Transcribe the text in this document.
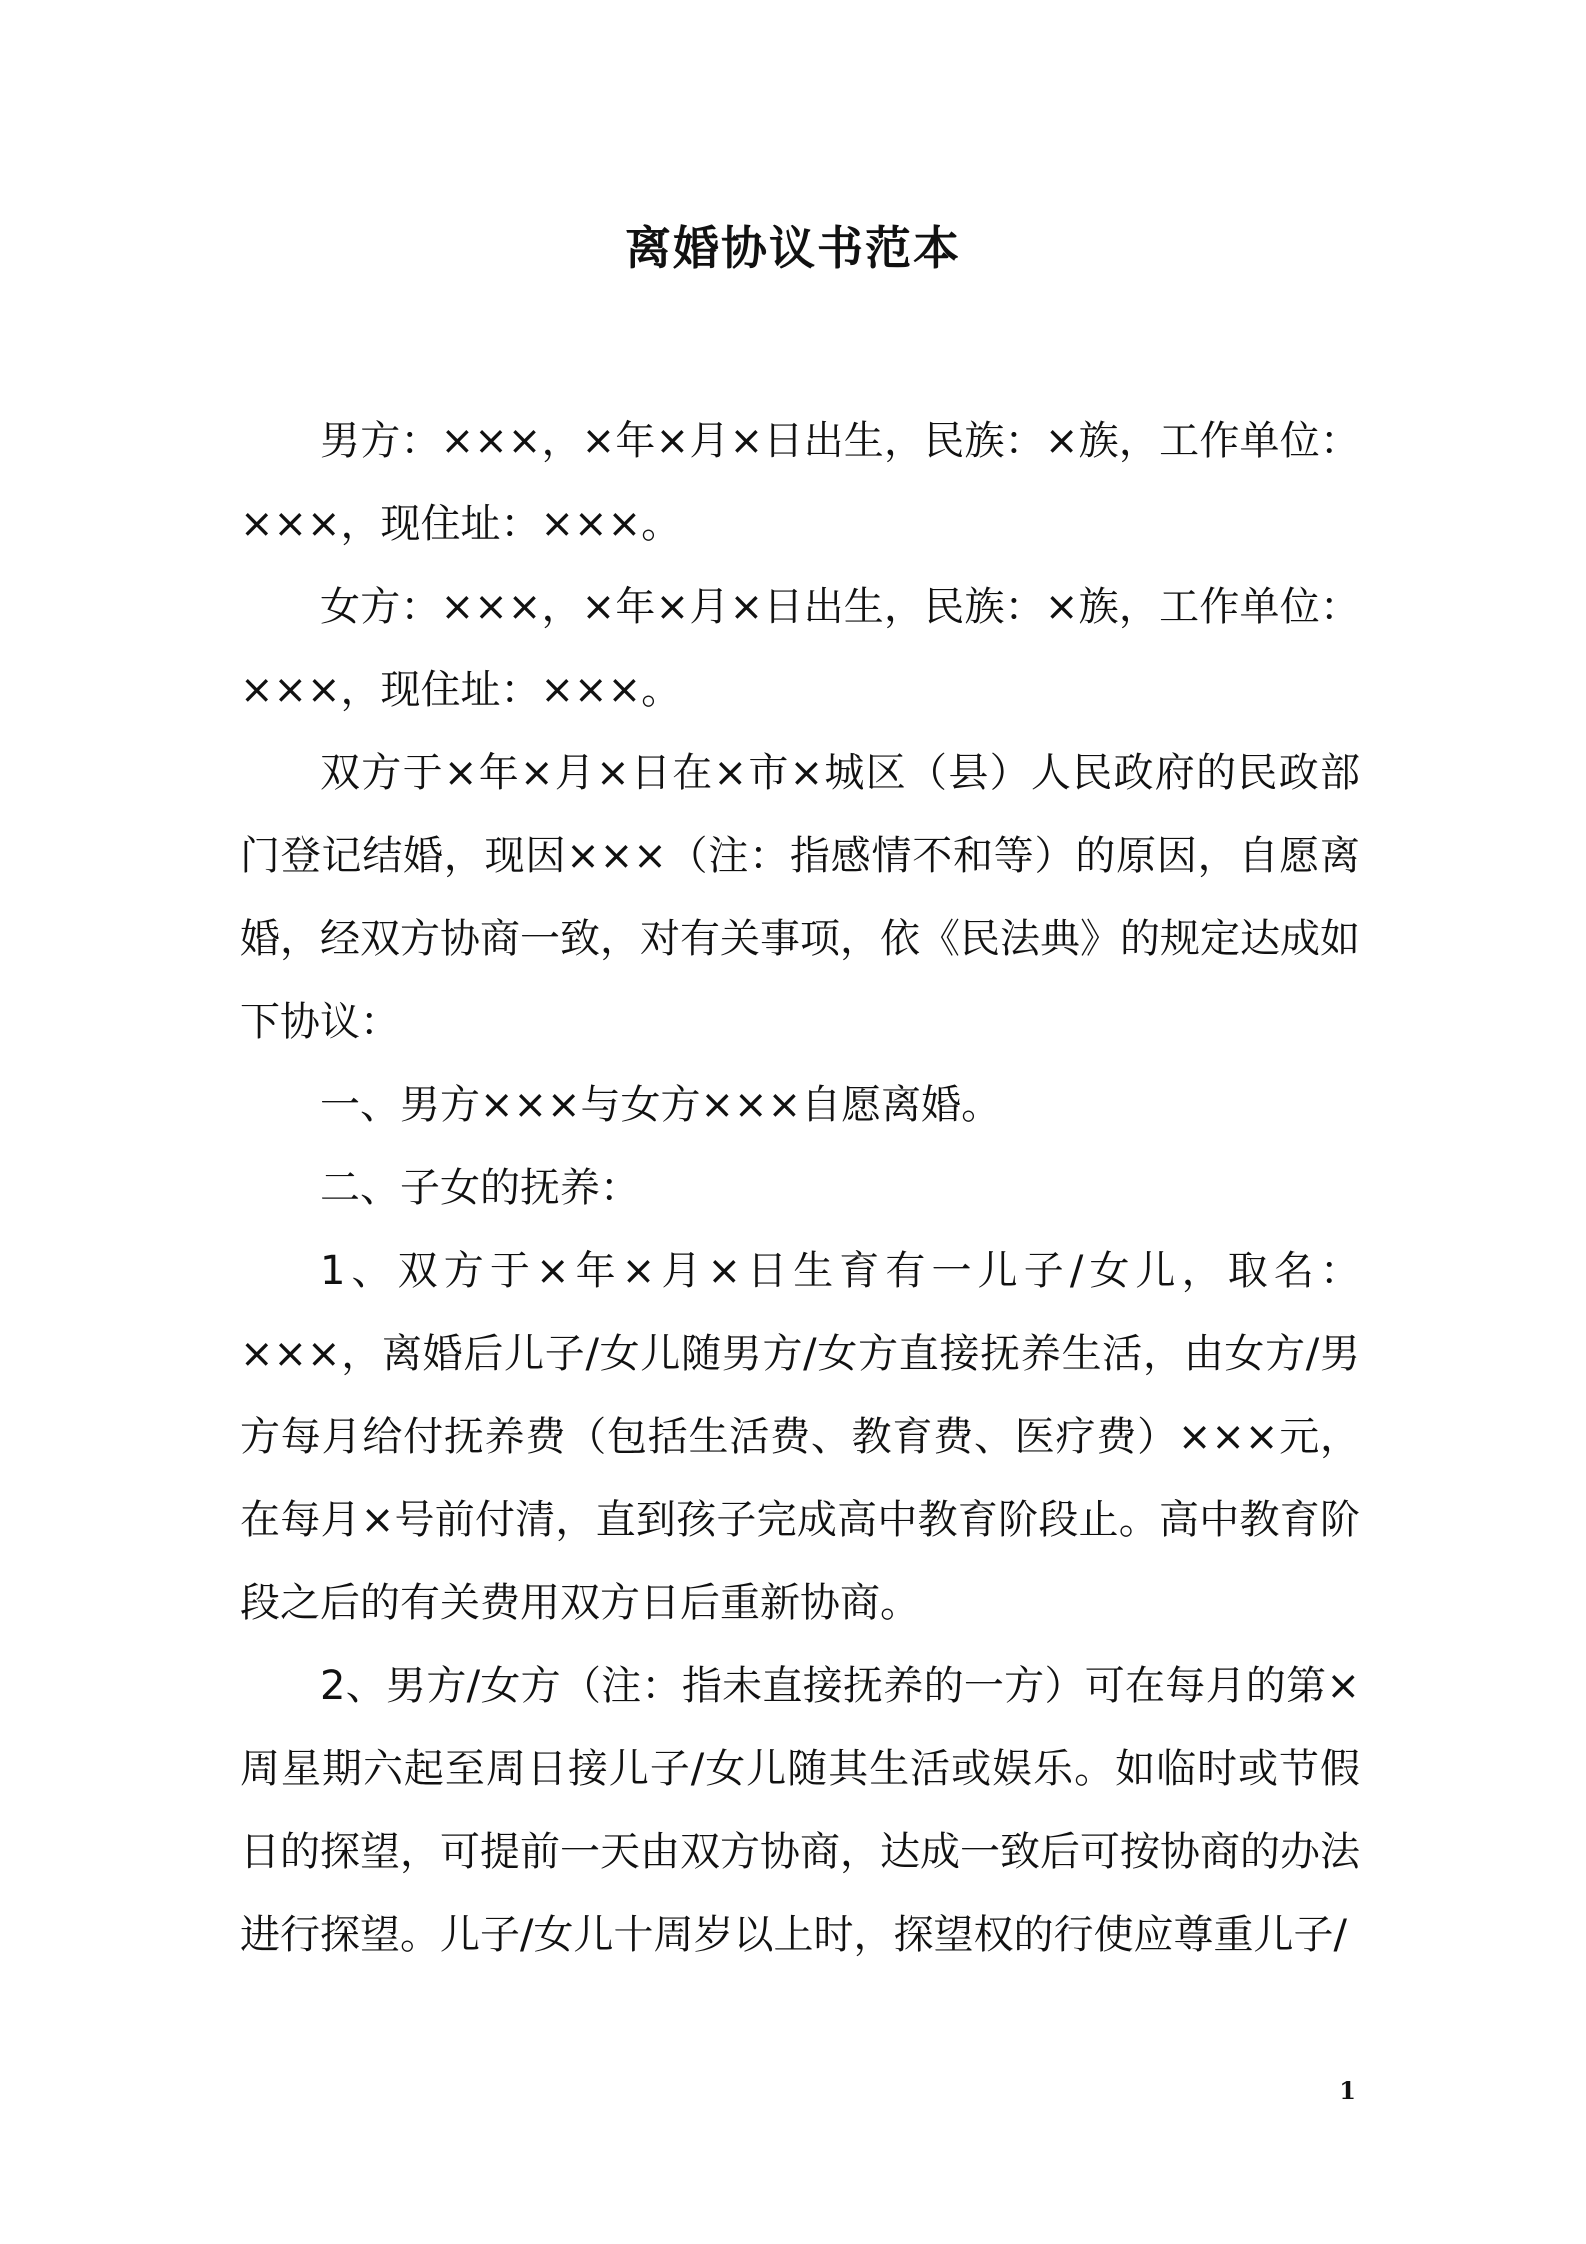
离婚协议书范本

男方：×××，×年×月×日出生，民族：×族，工作单位：×××，现住址：×××。

女方：×××，×年×月×日出生，民族：×族，工作单位：×××，现住址：×××。

双方于×年×月×日在×市×城区（县）人民政府的民政部门登记结婚，现因×××（注：指感情不和等）的原因，自愿离婚，经双方协商一致，对有关事项，依《民法典》的规定达成如下协议：

一、男方×××与女方×××自愿离婚。

二、子女的抚养：

1、双方于×年×月×日生育有一儿子/女儿，取名：×××，离婚后儿子/女儿随男方/女方直接抚养生活，由女方/男方每月给付抚养费（包括生活费、教育费、医疗费）×××元，在每月×号前付清，直到孩子完成高中教育阶段止。高中教育阶段之后的有关费用双方日后重新协商。

2、男方/女方（注：指未直接抚养的一方）可在每月的第×周星期六起至周日接儿子/女儿随其生活或娱乐。如临时或节假日的探望，可提前一天由双方协商，达成一致后可按协商的办法进行探望。儿子/女儿十周岁以上时，探望权的行使应尊重儿子/

1
